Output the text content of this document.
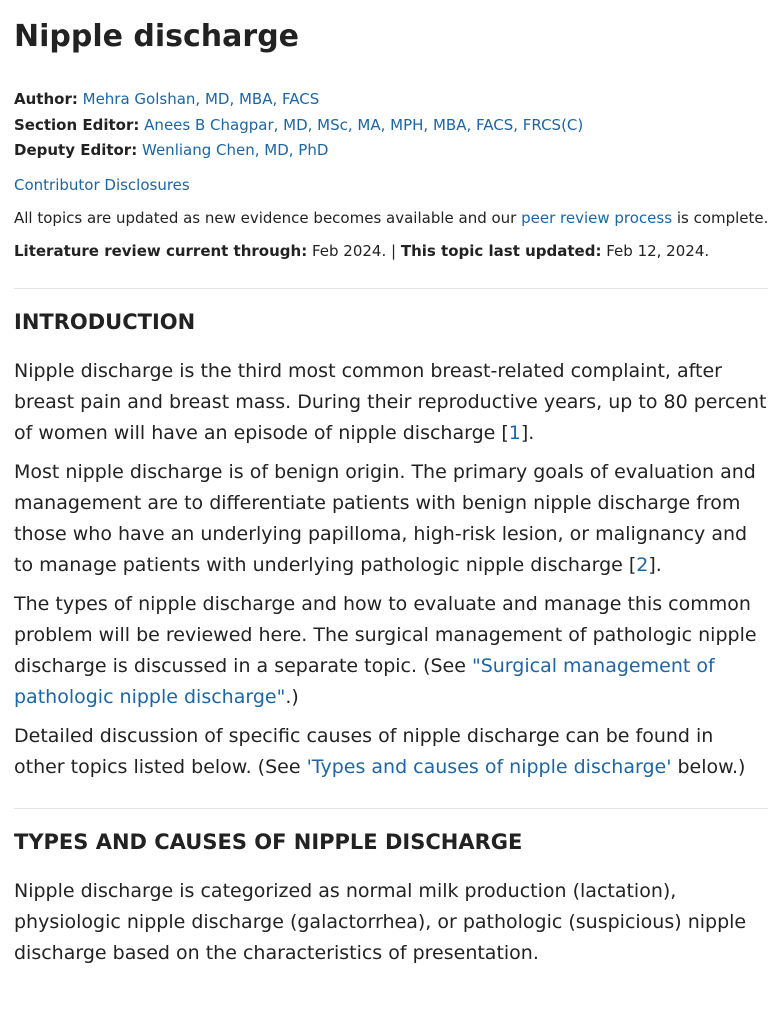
Nipple discharge
Author: Mehra Golshan, MD, MBA, FACS
Section Editor: Anees B Chagpar, MD, MSc, MA, MPH, MBA, FACS, FRCS(C)
Deputy Editor: Wenliang Chen, MD, PhD
Contributor Disclosures
All topics are updated as new evidence becomes available and our peer review process is complete.
Literature review current through: Feb 2024. | This topic last updated: Feb 12, 2024.
INTRODUCTION

Nipple discharge is the third most common breast-related complaint, after breast pain and breast mass. During their reproductive years, up to 80 percent of women will have an episode of nipple discharge [1].

Most nipple discharge is of benign origin. The primary goals of evaluation and management are to differentiate patients with benign nipple discharge from those who have an underlying papilloma, high-risk lesion, or malignancy and to manage patients with underlying pathologic nipple discharge [2].

The types of nipple discharge and how to evaluate and manage this common problem will be reviewed here. The surgical management of pathologic nipple discharge is discussed in a separate topic. (See "Surgical management of pathologic nipple discharge".)

Detailed discussion of specific causes of nipple discharge can be found in other topics listed below. (See 'Types and causes of nipple discharge' below.)

TYPES AND CAUSES OF NIPPLE DISCHARGE

Nipple discharge is categorized as normal milk production (lactation), physiologic nipple discharge (galactorrhea), or pathologic (suspicious) nipple discharge based on the characteristics of presentation.
